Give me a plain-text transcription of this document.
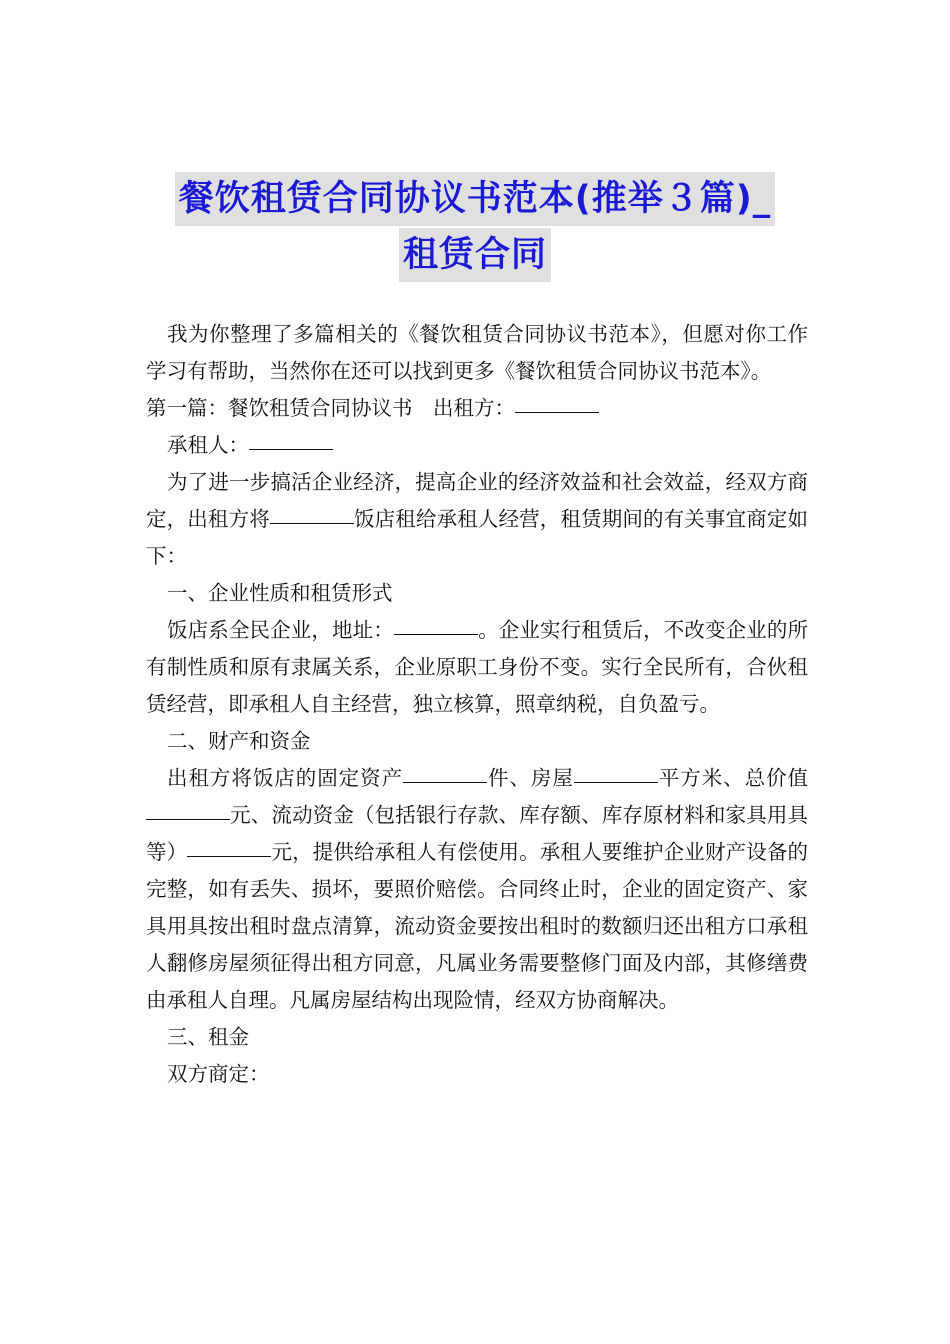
餐饮租赁合同协议书范本(推举３篇)_
租赁合同

我为你整理了多篇相关的《餐饮租赁合同协议书范本》，但愿对你工作学习有帮助，当然你在还可以找到更多《餐饮租赁合同协议书范本》。

第一篇：餐饮租赁合同协议书　出租方：

承租人：

为了进一步搞活企业经济，提高企业的经济效益和社会效益，经双方商定，出租方将	饭店租给承租人经营，租赁期间的有关事宜商定如下：

一、企业性质和租赁形式

饭店系全民企业，地址：	。企业实行租赁后，不改变企业的所有制性质和原有隶属关系，企业原职工身份不变。实行全民所有，合伙租赁经营，即承租人自主经营，独立核算，照章纳税，自负盈亏。

二、财产和资金

出租方将饭店的固定资产	件、房屋	平方米、总价值元、流动资金（包括银行存款、库存额、库存原材料和家具用具等）	元，提供给承租人有偿使用。承租人要维护企业财产设备的完整，如有丢失、损坏，要照价赔偿。合同终止时，企业的固定资产、家具用具按出租时盘点清算，流动资金要按出租时的数额归还出租方口承租人翻修房屋须征得出租方同意，凡属业务需要整修门面及内部，其修缮费由承租人自理。凡属房屋结构出现险情，经双方协商解决。

三、租金

双方商定：
